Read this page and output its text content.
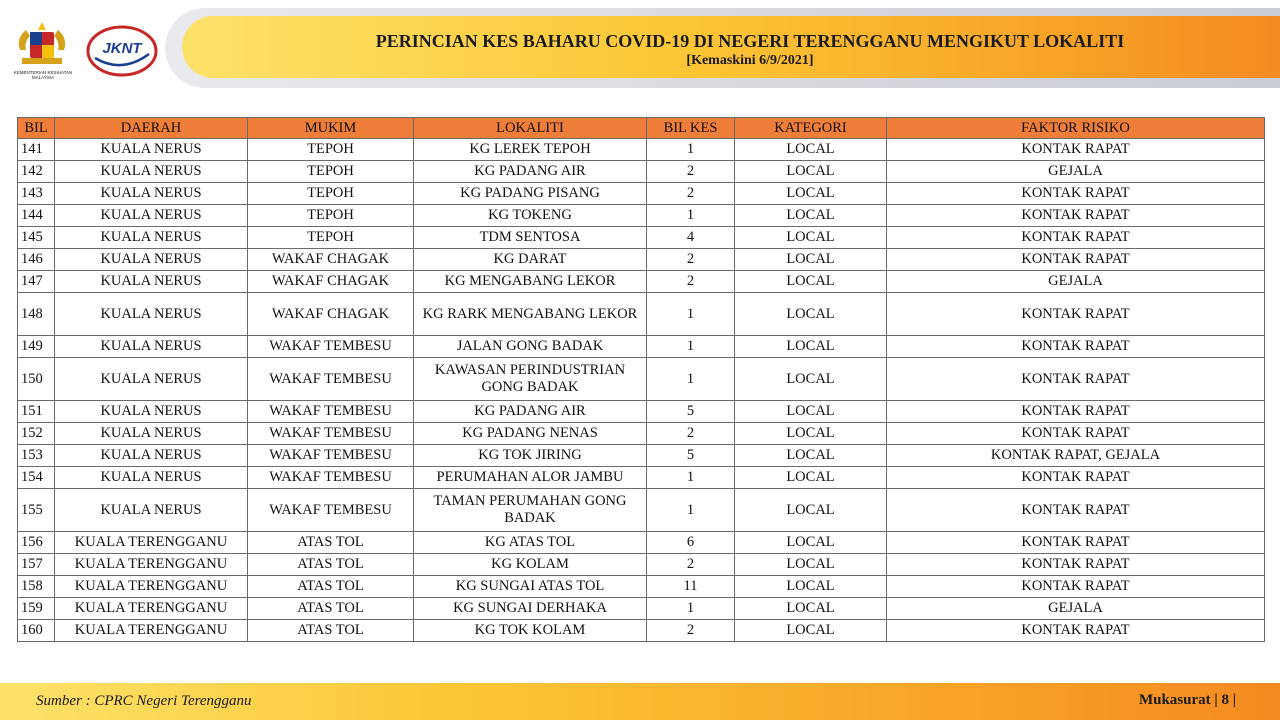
PERINCIAN KES BAHARU COVID-19 DI NEGERI TERENGGANU MENGIKUT LOKALITI
[Kemaskini 6/9/2021]
KEMENTERIAN KESIHATAN MALAYSIA
JKNT
BIL	DAERAH	MUKIM	LOKALITI	BIL KES	KATEGORI	FAKTOR RISIKO
141	KUALA NERUS	TEPOH	KG LEREK TEPOH	1	LOCAL	KONTAK RAPAT
142	KUALA NERUS	TEPOH	KG PADANG AIR	2	LOCAL	GEJALA
143	KUALA NERUS	TEPOH	KG PADANG PISANG	2	LOCAL	KONTAK RAPAT
144	KUALA NERUS	TEPOH	KG TOKENG	1	LOCAL	KONTAK RAPAT
145	KUALA NERUS	TEPOH	TDM SENTOSA	4	LOCAL	KONTAK RAPAT
146	KUALA NERUS	WAKAF CHAGAK	KG DARAT	2	LOCAL	KONTAK RAPAT
147	KUALA NERUS	WAKAF CHAGAK	KG MENGABANG LEKOR	2	LOCAL	GEJALA
148	KUALA NERUS	WAKAF CHAGAK	KG RARK MENGABANG LEKOR	1	LOCAL	KONTAK RAPAT
149	KUALA NERUS	WAKAF TEMBESU	JALAN GONG BADAK	1	LOCAL	KONTAK RAPAT
150	KUALA NERUS	WAKAF TEMBESU	KAWASAN PERINDUSTRIAN GONG BADAK	1	LOCAL	KONTAK RAPAT
151	KUALA NERUS	WAKAF TEMBESU	KG PADANG AIR	5	LOCAL	KONTAK RAPAT
152	KUALA NERUS	WAKAF TEMBESU	KG PADANG NENAS	2	LOCAL	KONTAK RAPAT
153	KUALA NERUS	WAKAF TEMBESU	KG TOK JIRING	5	LOCAL	KONTAK RAPAT, GEJALA
154	KUALA NERUS	WAKAF TEMBESU	PERUMAHAN ALOR JAMBU	1	LOCAL	KONTAK RAPAT
155	KUALA NERUS	WAKAF TEMBESU	TAMAN PERUMAHAN GONG BADAK	1	LOCAL	KONTAK RAPAT
156	KUALA TERENGGANU	ATAS TOL	KG ATAS TOL	6	LOCAL	KONTAK RAPAT
157	KUALA TERENGGANU	ATAS TOL	KG KOLAM	2	LOCAL	KONTAK RAPAT
158	KUALA TERENGGANU	ATAS TOL	KG SUNGAI ATAS TOL	11	LOCAL	KONTAK RAPAT
159	KUALA TERENGGANU	ATAS TOL	KG SUNGAI DERHAKA	1	LOCAL	GEJALA
160	KUALA TERENGGANU	ATAS TOL	KG TOK KOLAM	2	LOCAL	KONTAK RAPAT
Sumber : CPRC Negeri Terengganu	Mukasurat | 8 |
